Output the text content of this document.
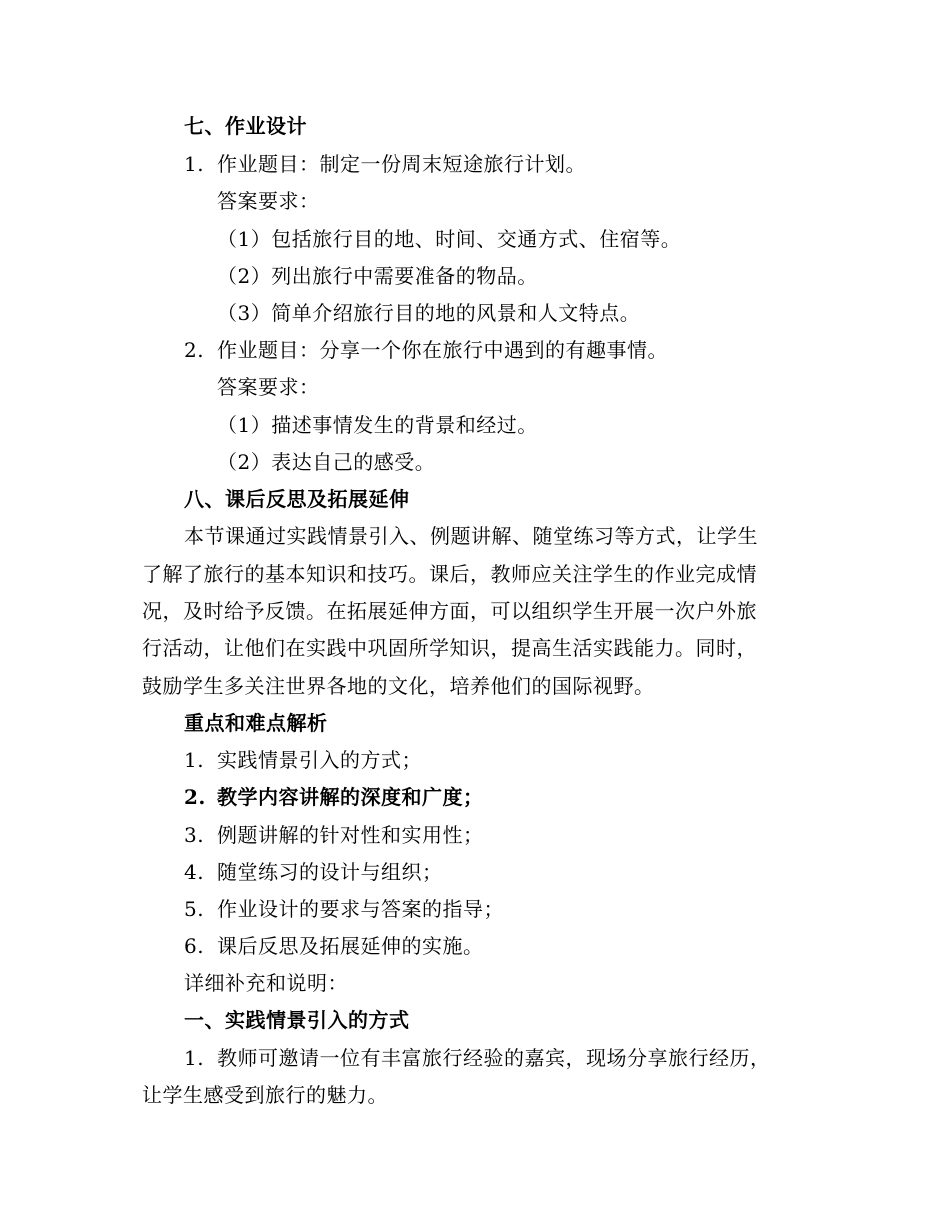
七、作业设计
1. 作业题目：制定一份周末短途旅行计划。
答案要求：
（1）包括旅行目的地、时间、交通方式、住宿等。
（2）列出旅行中需要准备的物品。
（3）简单介绍旅行目的地的风景和人文特点。
2. 作业题目：分享一个你在旅行中遇到的有趣事情。
答案要求：
（1）描述事情发生的背景和经过。
（2）表达自己的感受。
八、课后反思及拓展延伸
本节课通过实践情景引入、例题讲解、随堂练习等方式，让学生
了解了旅行的基本知识和技巧。课后，教师应关注学生的作业完成情
况，及时给予反馈。在拓展延伸方面，可以组织学生开展一次户外旅
行活动，让他们在实践中巩固所学知识，提高生活实践能力。同时，
鼓励学生多关注世界各地的文化，培养他们的国际视野。
重点和难点解析
1. 实践情景引入的方式；
2. 教学内容讲解的深度和广度；
3. 例题讲解的针对性和实用性；
4. 随堂练习的设计与组织；
5. 作业设计的要求与答案的指导；
6. 课后反思及拓展延伸的实施。
详细补充和说明：
一、实践情景引入的方式
1. 教师可邀请一位有丰富旅行经验的嘉宾，现场分享旅行经历，
让学生感受到旅行的魅力。
